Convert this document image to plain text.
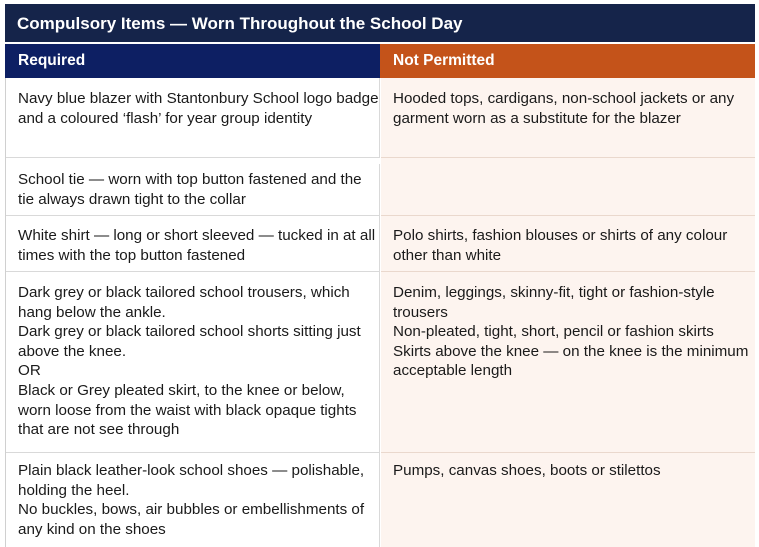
Compulsory Items — Worn Throughout the School Day
Required	Not Permitted

Navy blue blazer with Stantonbury School logo badge and a coloured ‘flash’ for year group identity

Hooded tops, cardigans, non-school jackets or any garment worn as a substitute for the blazer

School tie — worn with top button fastened and the tie always drawn tight to the collar

White shirt — long or short sleeved — tucked in at all times with the top button fastened

Polo shirts, fashion blouses or shirts of any colour other than white

Dark grey or black tailored school trousers, which hang below the ankle.

Dark grey or black tailored school shorts sitting just above the knee.

OR

Black or Grey pleated skirt, to the knee or below, worn loose from the waist with black opaque tights that are not see through

Denim, leggings, skinny-fit, tight or fashion-style trousers

Non-pleated, tight, short, pencil or fashion skirts

Skirts above the knee — on the knee is the minimum acceptable length

Plain black leather-look school shoes — polishable, holding the heel.

No buckles, bows, air bubbles or embellishments of any kind on the shoes

Pumps, canvas shoes, boots or stilettos
